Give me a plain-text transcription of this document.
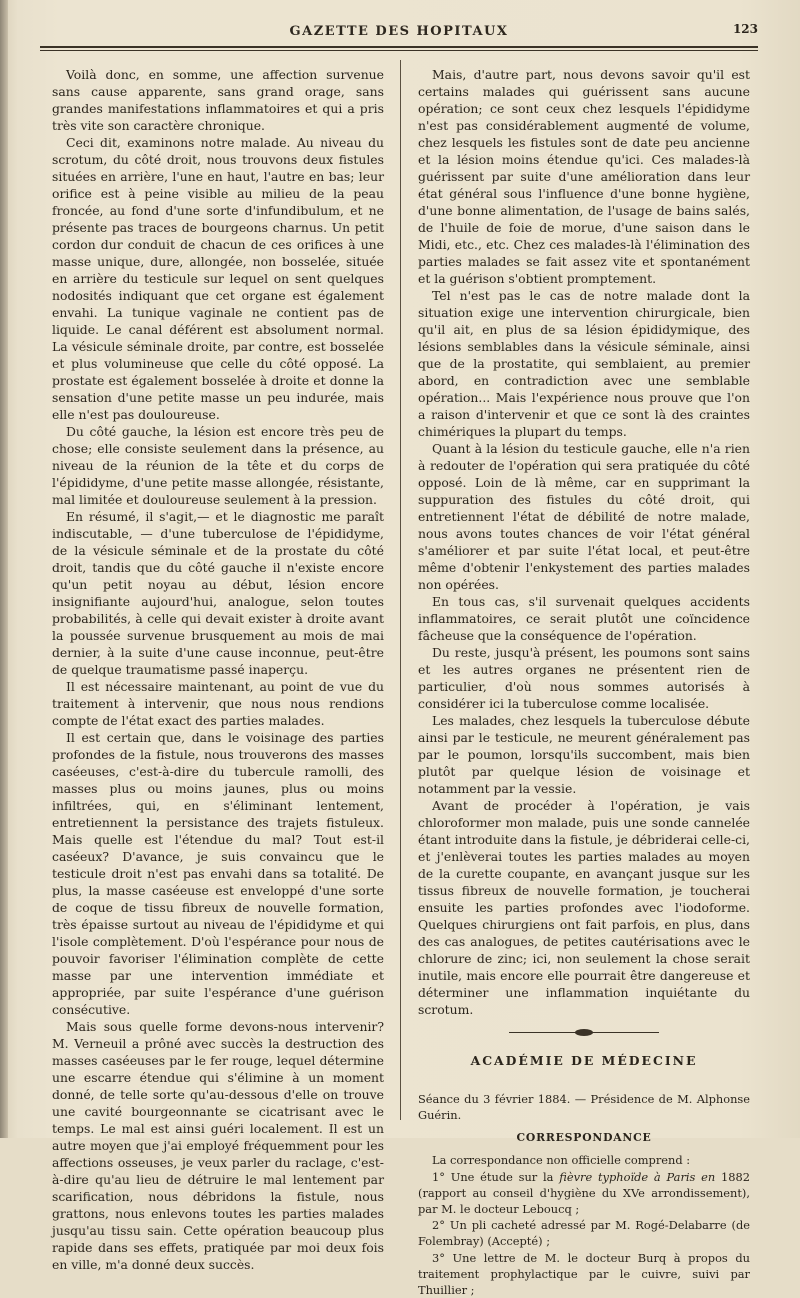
GAZETTE DES HOPITAUX	123

Voilà donc, en somme, une affection survenue sans cause apparente, sans grand orage, sans grandes manifestations inflammatoires et qui a pris très vite son caractère chronique.

Ceci dit, examinons notre malade. Au niveau du scrotum, du côté droit, nous trouvons deux fistules situées en arrière, l'une en haut, l'autre en bas; leur orifice est à peine visible au milieu de la peau froncée, au fond d'une sorte d'infundibulum, et ne présente pas traces de bourgeons charnus. Un petit cordon dur conduit de chacun de ces orifices à une masse unique, dure, allongée, non bosselée, située en arrière du testicule sur lequel on sent quelques nodosités indiquant que cet organe est également envahi. La tunique vaginale ne contient pas de liquide. Le canal déférent est absolument normal. La vésicule séminale droite, par contre, est bosselée et plus volumineuse que celle du côté opposé. La prostate est également bosselée à droite et donne la sensation d'une petite masse un peu indurée, mais elle n'est pas douloureuse.

Du côté gauche, la lésion est encore très peu de chose; elle consiste seulement dans la présence, au niveau de la réunion de la tête et du corps de l'épididyme, d'une petite masse allongée, résistante, mal limitée et douloureuse seulement à la pression.

En résumé, il s'agit,— et le diagnostic me paraît indiscutable, — d'une tuberculose de l'épididyme, de la vésicule séminale et de la prostate du côté droit, tandis que du côté gauche il n'existe encore qu'un petit noyau au début, lésion encore insignifiante aujourd'hui, analogue, selon toutes probabilités, à celle qui devait exister à droite avant la poussée survenue brusquement au mois de mai dernier, à la suite d'une cause inconnue, peut-être de quelque traumatisme passé inaperçu.

Il est nécessaire maintenant, au point de vue du traitement à intervenir, que nous nous rendions compte de l'état exact des parties malades.

Il est certain que, dans le voisinage des parties profondes de la fistule, nous trouverons des masses caséeuses, c'est-à-dire du tubercule ramolli, des masses plus ou moins jaunes, plus ou moins infiltrées, qui, en s'éliminant lentement, entretiennent la persistance des trajets fistuleux. Mais quelle est l'étendue du mal? Tout est-il caséeux? D'avance, je suis convaincu que le testicule droit n'est pas envahi dans sa totalité. De plus, la masse caséeuse est enveloppé d'une sorte de coque de tissu fibreux de nouvelle formation, très épaisse surtout au niveau de l'épididyme et qui l'isole complètement. D'où l'espérance pour nous de pouvoir favoriser l'élimination complète de cette masse par une intervention immédiate et appropriée, par suite l'espérance d'une guérison consécutive.

Mais sous quelle forme devons-nous intervenir? M. Verneuil a prôné avec succès la destruction des masses caséeuses par le fer rouge, lequel détermine une escarre étendue qui s'élimine à un moment donné, de telle sorte qu'au-dessous d'elle on trouve une cavité bourgeonnante se cicatrisant avec le temps. Le mal est ainsi guéri localement. Il est un autre moyen que j'ai employé fréquemment pour les affections osseuses, je veux parler du raclage, c'est-à-dire qu'au lieu de détruire le mal lentement par scarification, nous débridons la fistule, nous grattons, nous enlevons toutes les parties malades jusqu'au tissu sain. Cette opération beaucoup plus rapide dans ses effets, pratiquée par moi deux fois en ville, m'a donné deux succès.

Mais, d'autre part, nous devons savoir qu'il est certains malades qui guérissent sans aucune opération; ce sont ceux chez lesquels l'épididyme n'est pas considérablement augmenté de volume, chez lesquels les fistules sont de date peu ancienne et la lésion moins étendue qu'ici. Ces malades-là guérissent par suite d'une amélioration dans leur état général sous l'influence d'une bonne hygiène, d'une bonne alimentation, de l'usage de bains salés, de l'huile de foie de morue, d'une saison dans le Midi, etc., etc. Chez ces malades-là l'élimination des parties malades se fait assez vite et spontanément et la guérison s'obtient promptement.

Tel n'est pas le cas de notre malade dont la situation exige une intervention chirurgicale, bien qu'il ait, en plus de sa lésion épididymique, des lésions semblables dans la vésicule séminale, ainsi que de la prostatite, qui semblaient, au premier abord, en contradiction avec une semblable opération... Mais l'expérience nous prouve que l'on a raison d'intervenir et que ce sont là des craintes chimériques la plupart du temps.

Quant à la lésion du testicule gauche, elle n'a rien à redouter de l'opération qui sera pratiquée du côté opposé. Loin de là même, car en supprimant la suppuration des fistules du côté droit, qui entretiennent l'état de débilité de notre malade, nous avons toutes chances de voir l'état général s'améliorer et par suite l'état local, et peut-être même d'obtenir l'enkystement des parties malades non opérées.

En tous cas, s'il survenait quelques accidents inflammatoires, ce serait plutôt une coïncidence fâcheuse que la conséquence de l'opération.

Du reste, jusqu'à présent, les poumons sont sains et les autres organes ne présentent rien de particulier, d'où nous sommes autorisés à considérer ici la tuberculose comme localisée.

Les malades, chez lesquels la tuberculose débute ainsi par le testicule, ne meurent généralement pas par le poumon, lorsqu'ils succombent, mais bien plutôt par quelque lésion de voisinage et notamment par la vessie.

Avant de procéder à l'opération, je vais chloroformer mon malade, puis une sonde cannelée étant introduite dans la fistule, je débriderai celle-ci, et j'enlèverai toutes les parties malades au moyen de la curette coupante, en avançant jusque sur les tissus fibreux de nouvelle formation, je toucherai ensuite les parties profondes avec l'iodoforme. Quelques chirurgiens ont fait parfois, en plus, dans des cas analogues, de petites cautérisations avec le chlorure de zinc; ici, non seulement la chose serait inutile, mais encore elle pourrait être dangereuse et déterminer une inflammation inquiétante du scrotum.

ACADÉMIE DE MÉDECINE

Séance du 3 février 1884. — Présidence de M. Alphonse Guérin.

CORRESPONDANCE

La correspondance non officielle comprend :

1° Une étude sur la fièvre typhoïde à Paris en 1882 (rapport au conseil d'hygiène du XVe arrondissement), par M. le docteur Leboucq ;

2° Un pli cacheté adressé par M. Rogé-Delabarre (de Folembray) (Accepté) ;

3° Une lettre de M. le docteur Burq à propos du traitement prophylactique par le cuivre, suivi par Thuillier ;
